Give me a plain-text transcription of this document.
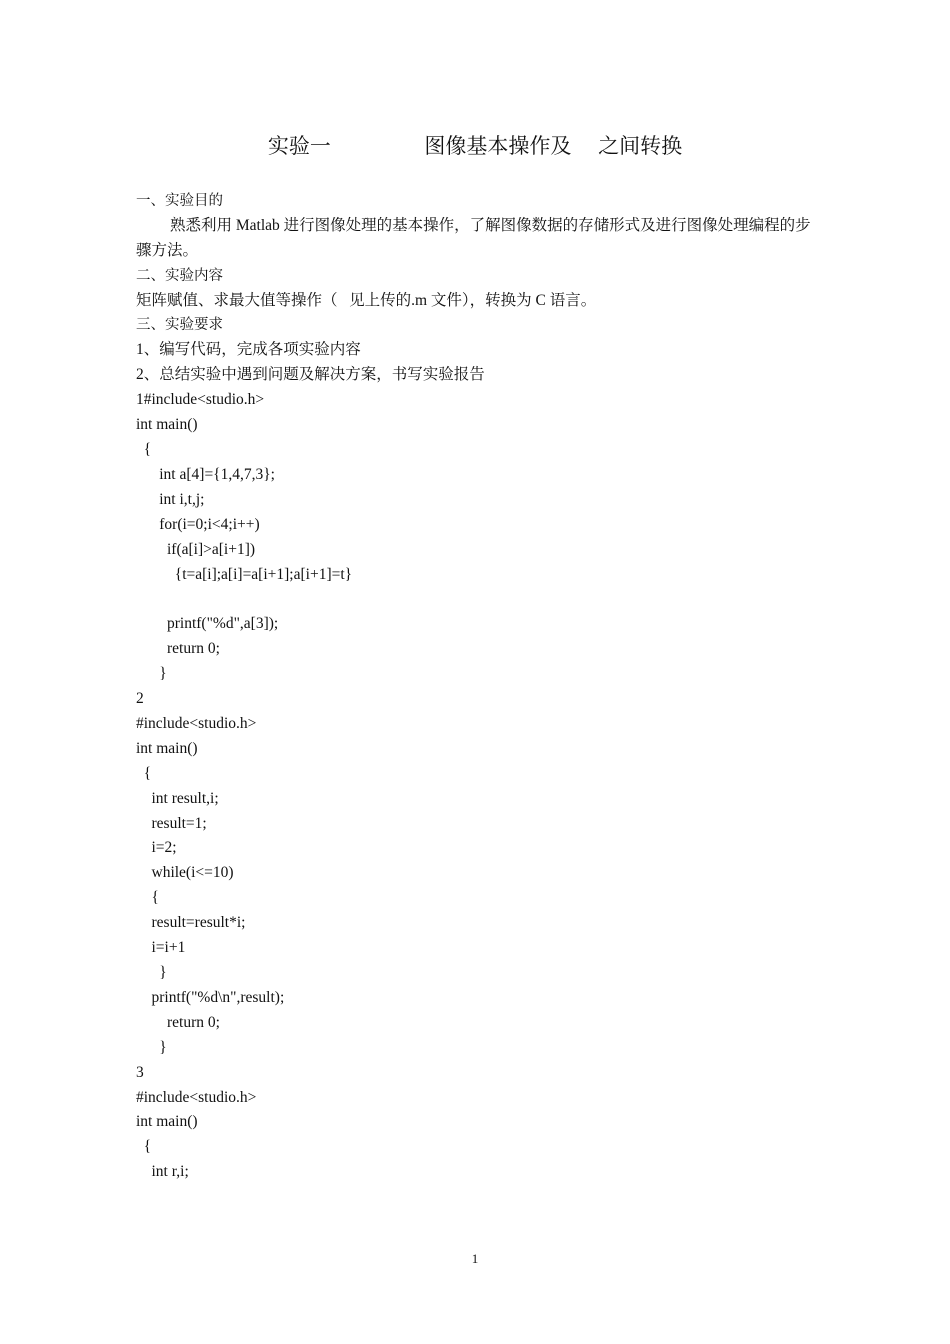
实验一              图像基本操作及    之间转换
一、实验目的

熟悉利用 Matlab 进行图像处理的基本操作，了解图像数据的存储形式及进行图像处理编程的步骤方法。

二、实验内容
矩阵赋值、求最大值等操作（   见上传的.m 文件），转换为 C 语言。
三、实验要求
1、编写代码，完成各项实验内容
2、总结实验中遇到问题及解决方案，书写实验报告
1#include<studio.h>
int main()
{
int a[4]={1,4,7,3};
int i,t,j;
for(i=0;i<4;i++)
if(a[i]>a[i+1])
{t=a[i];a[i]=a[i+1];a[i+1]=t}

printf("%d",a[3]);
return 0;
}

2
#include<studio.h>
int main()
{
int result,i;
result=1;
i=2;
while(i<=10)
{
result=result*i;
i=i+1
}
printf("%d\n",result);
return 0;
}
3
#include<studio.h>
int main()
{
int r,i;
1
